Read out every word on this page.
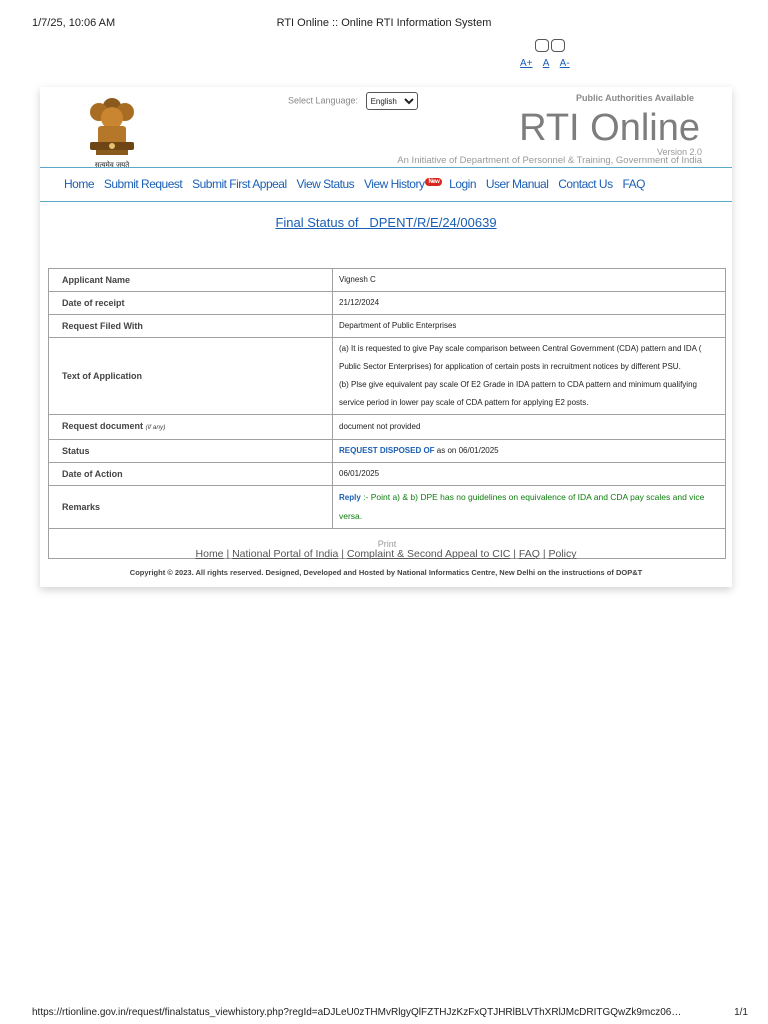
1/7/25, 10:06 AM	RTI Online :: Online RTI Information System
A+ A A-
सत्यमेव जयते
Select Language:
English	Public Authorities Available
RTI Online
Version 2.0
An Initiative of Department of Personnel & Training, Government of India
Home Submit Request Submit First Appeal View Status View History New Login User Manual Contact Us FAQ
Final Status of   DPENT/R/E/24/00639
Applicant Name	Vignesh C
Date of receipt	21/12/2024
Request Filed With	Department of Public Enterprises
Text of Application	(a) It is requested to give Pay scale comparison between Central Government (CDA) pattern and IDA ( Public Sector Enterprises) for application of certain posts in recruitment notices by different PSU.
(b) Plse give equivalent pay scale Of E2 Grade in IDA pattern to CDA pattern and minimum qualifying service period in lower pay scale of CDA pattern for applying E2 posts.

Request document (if any)	document not provided
Status	REQUEST DISPOSED OF as on 06/01/2025
Date of Action	06/01/2025
Remarks	Reply :- Point a) & b) DPE has no guidelines on equivalence of IDA and CDA pay scales and vice versa.
Print	
Home | National Portal of India | Complaint & Second Appeal to CIC | FAQ | Policy
Copyright © 2023. All rights reserved. Designed, Developed and Hosted by National Informatics Centre, New Delhi on the instructions of DOP&T
https://rtionline.gov.in/request/finalstatus_viewhistory.php?regId=aDJLeU0zTHMvRlgyQlFZTHJzKzFxQTJHRlBLVThXRlJMcDRITGQwZk9mcz06…	1/1
